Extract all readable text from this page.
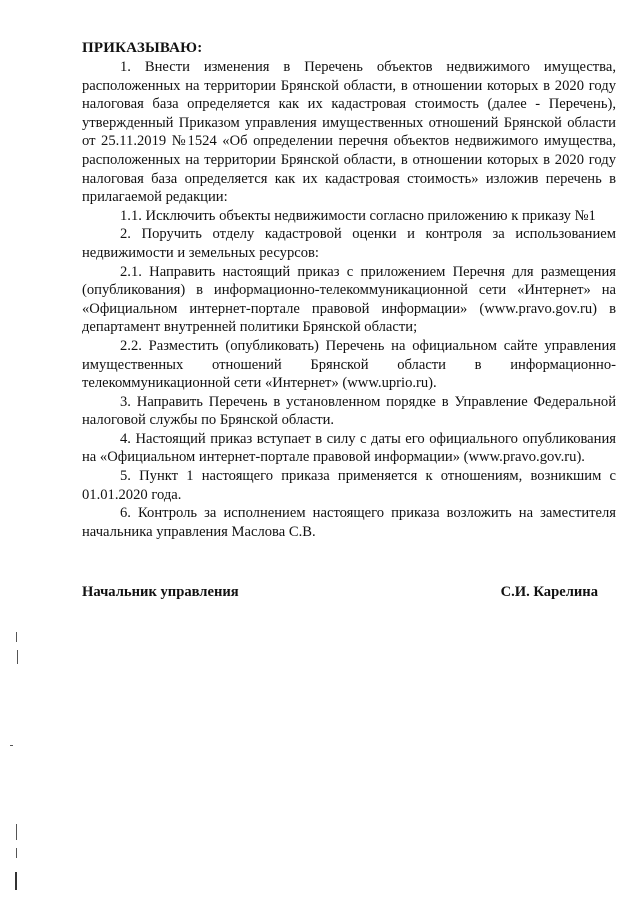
ПРИКАЗЫВАЮ:

1. Внести изменения в Перечень объектов недвижимого имущества, расположенных на территории Брянской области, в отношении которых в 2020 году налоговая база определяется как их кадастровая стоимость (далее - Перечень), утвержденный Приказом управления имущественных отношений Брянской области от 25.11.2019 №1524 «Об определении перечня объектов недвижимого имущества, расположенных на территории Брянской области, в отношении которых в 2020 году налоговая база определяется как их кадастровая стоимость» изложив перечень в прилагаемой редакции:

1.1. Исключить объекты недвижимости согласно приложению к приказу №1

2. Поручить отделу кадастровой оценки и контроля за использованием недвижимости и земельных ресурсов:

2.1. Направить настоящий приказ с приложением Перечня для размещения (опубликования) в информационно-телекоммуникационной сети «Интернет» на «Официальном интернет-портале правовой информации» (www.pravo.gov.ru) в департамент внутренней политики Брянской области;

2.2. Разместить (опубликовать) Перечень на официальном сайте управления имущественных отношений Брянской области в информационно-телекоммуникационной сети «Интернет» (www.uprio.ru).

3. Направить Перечень в установленном порядке в Управление Федеральной налоговой службы по Брянской области.

4. Настоящий приказ вступает в силу с даты его официального опубликования на «Официальном интернет-портале правовой информации» (www.pravo.gov.ru).

5. Пункт 1 настоящего приказа применяется к отношениям, возникшим с 01.01.2020 года.

6. Контроль за исполнением настоящего приказа возложить на заместителя начальника управления Маслова С.В.

Начальник управления	С.И. Карелина
